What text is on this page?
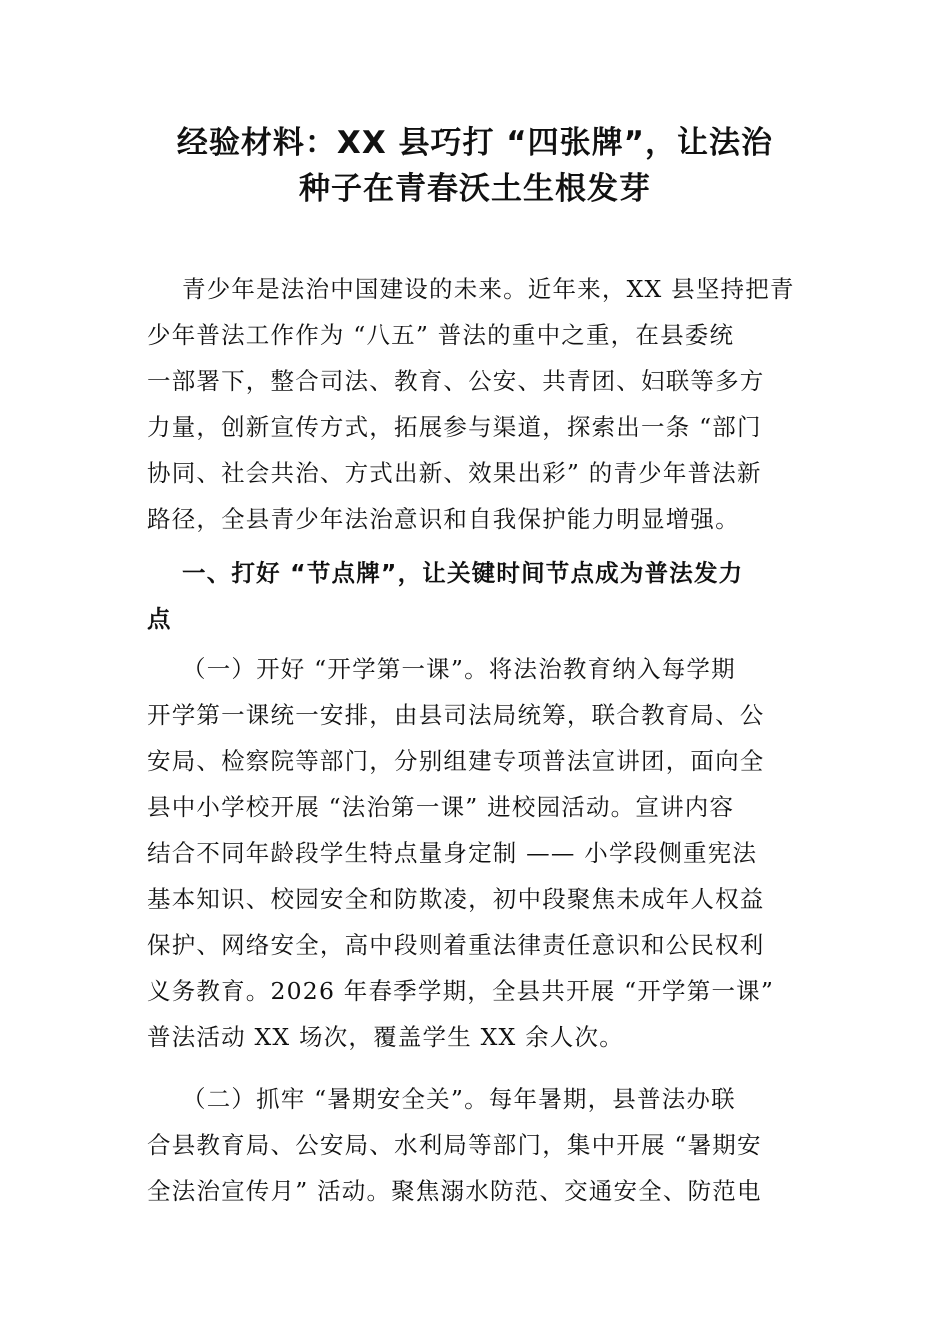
经验材料：XX 县巧打 “四张牌”，让法治
种子在青春沃土生根发芽
青少年是法治中国建设的未来。近年来，XX 县坚持把青
少年普法工作作为 “八五” 普法的重中之重，在县委统
一部署下，整合司法、教育、公安、共青团、妇联等多方
力量，创新宣传方式，拓展参与渠道，探索出一条 “部门
协同、社会共治、方式出新、效果出彩” 的青少年普法新
路径，全县青少年法治意识和自我保护能力明显增强。
一、打好 “节点牌”，让关键时间节点成为普法发力
点
（一）开好 “开学第一课”。将法治教育纳入每学期
开学第一课统一安排，由县司法局统筹，联合教育局、公
安局、检察院等部门，分别组建专项普法宣讲团，面向全
县中小学校开展 “法治第一课” 进校园活动。宣讲内容
结合不同年龄段学生特点量身定制 —— 小学段侧重宪法
基本知识、校园安全和防欺凌，初中段聚焦未成年人权益
保护、网络安全，高中段则着重法律责任意识和公民权利
义务教育。2026 年春季学期，全县共开展 “开学第一课”
普法活动 XX 场次，覆盖学生 XX 余人次。
（二）抓牢 “暑期安全关”。每年暑期，县普法办联
合县教育局、公安局、水利局等部门，集中开展 “暑期安
全法治宣传月” 活动。聚焦溺水防范、交通安全、防范电
